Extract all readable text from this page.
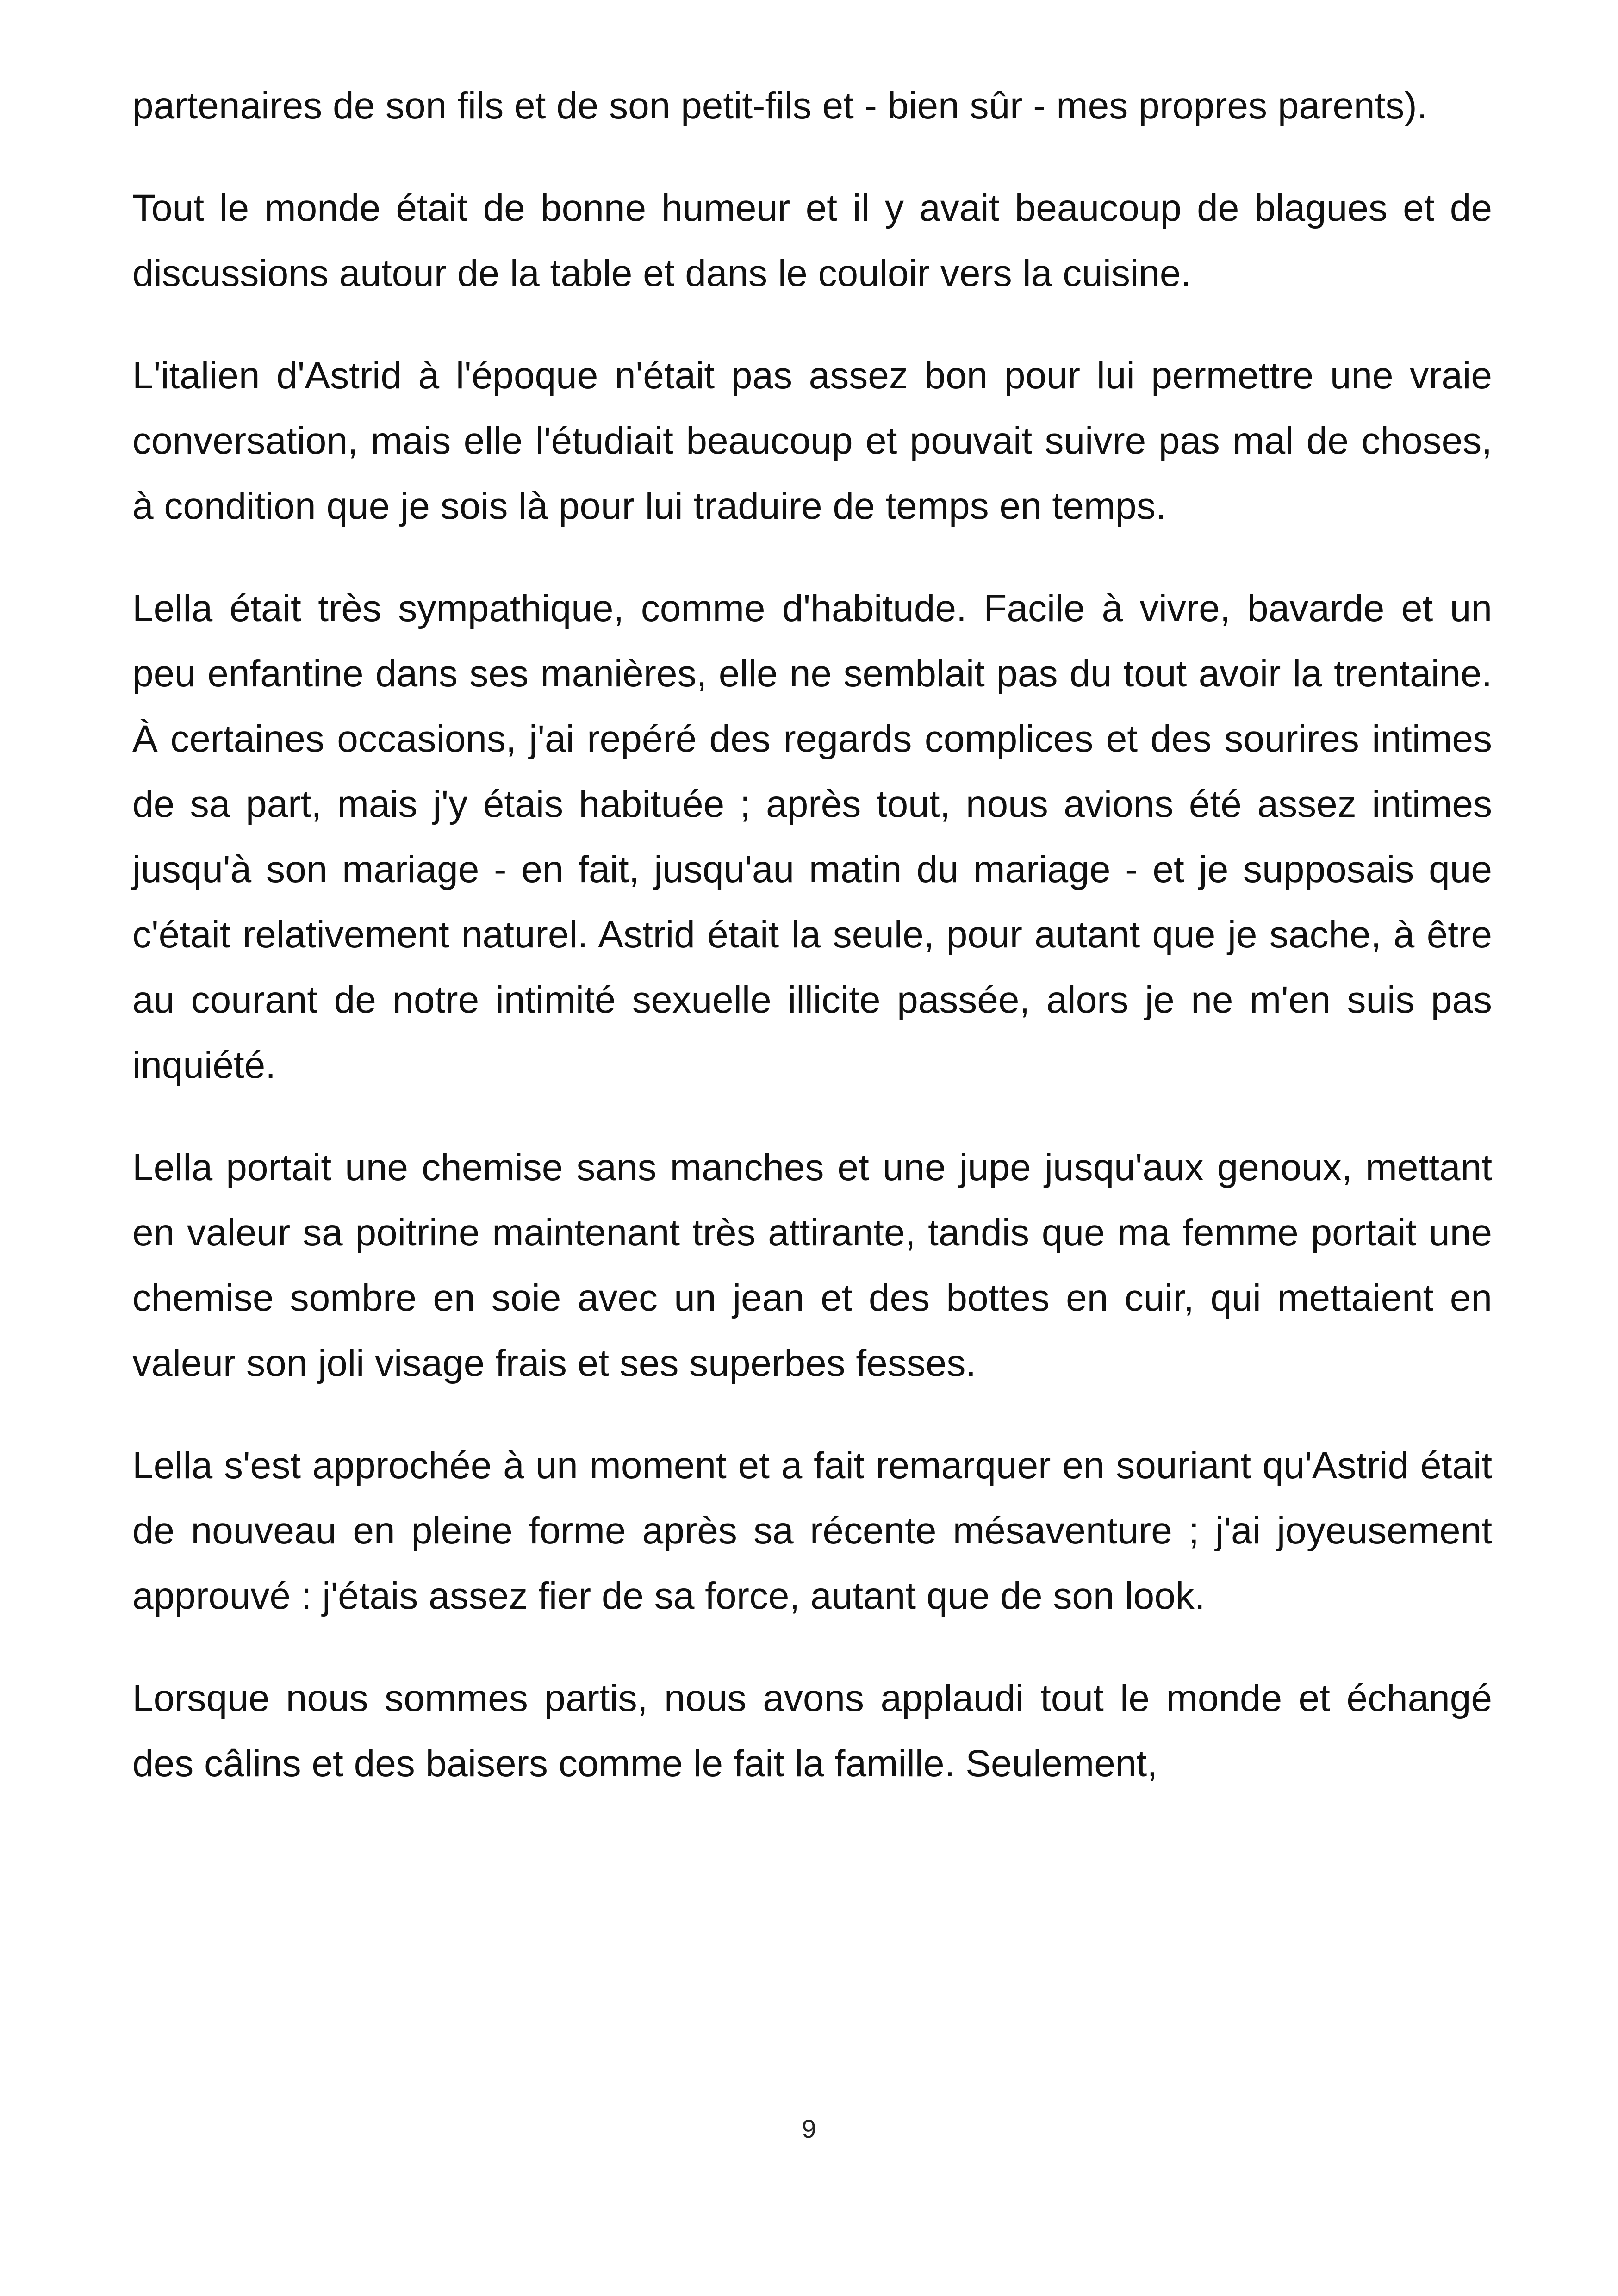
partenaires de son fils et de son petit-fils et - bien sûr - mes propres parents).

Tout le monde était de bonne humeur et il y avait beaucoup de blagues et de discussions autour de la table et dans le couloir vers la cuisine.

L'italien d'Astrid à l'époque n'était pas assez bon pour lui permettre une vraie conversation, mais elle l'étudiait beaucoup et pouvait suivre pas mal de choses, à condition que je sois là pour lui traduire de temps en temps.

Lella était très sympathique, comme d'habitude. Facile à vivre, bavarde et un peu enfantine dans ses manières, elle ne semblait pas du tout avoir la trentaine. À certaines occasions, j'ai repéré des regards complices et des sourires intimes de sa part, mais j'y étais habituée ; après tout, nous avions été assez intimes jusqu'à son mariage - en fait, jusqu'au matin du mariage - et je supposais que c'était relativement naturel. Astrid était la seule, pour autant que je sache, à être au courant de notre intimité sexuelle illicite passée, alors je ne m'en suis pas inquiété.

Lella portait une chemise sans manches et une jupe jusqu'aux genoux, mettant en valeur sa poitrine maintenant très attirante, tandis que ma femme portait une chemise sombre en soie avec un jean et des bottes en cuir, qui mettaient en valeur son joli visage frais et ses superbes fesses.

Lella s'est approchée à un moment et a fait remarquer en souriant qu'Astrid était de nouveau en pleine forme après sa récente mésaventure ; j'ai joyeusement approuvé : j'étais assez fier de sa force, autant que de son look.

Lorsque nous sommes partis, nous avons applaudi tout le monde et échangé des câlins et des baisers comme le fait la famille. Seulement,

9
